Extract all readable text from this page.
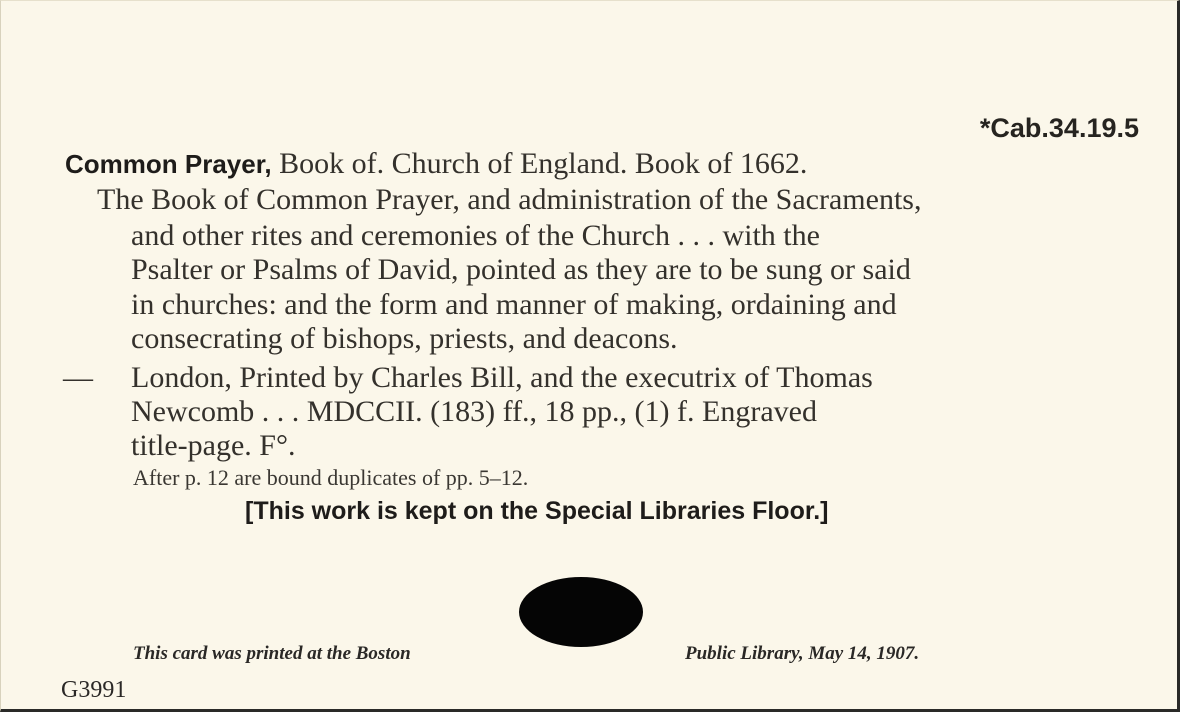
*Cab.34.19.5
Common Prayer, Book of. Church of England. Book of 1662.
The Book of Common Prayer, and administration of the Sacraments,
and other rites and ceremonies of the Church . . . with the
Psalter or Psalms of David, pointed as they are to be sung or said
in churches: and the form and manner of making, ordaining and
consecrating of bishops, priests, and deacons.
— London, Printed by Charles Bill, and the executrix of Thomas
Newcomb . . . MDCCII. (183) ff., 18 pp., (1) f. Engraved
title-page. F°.
After p. 12 are bound duplicates of pp. 5–12.
[This work is kept on the Special Libraries Floor.]
This card was printed at the Boston	Public Library, May 14, 1907.
G3991
